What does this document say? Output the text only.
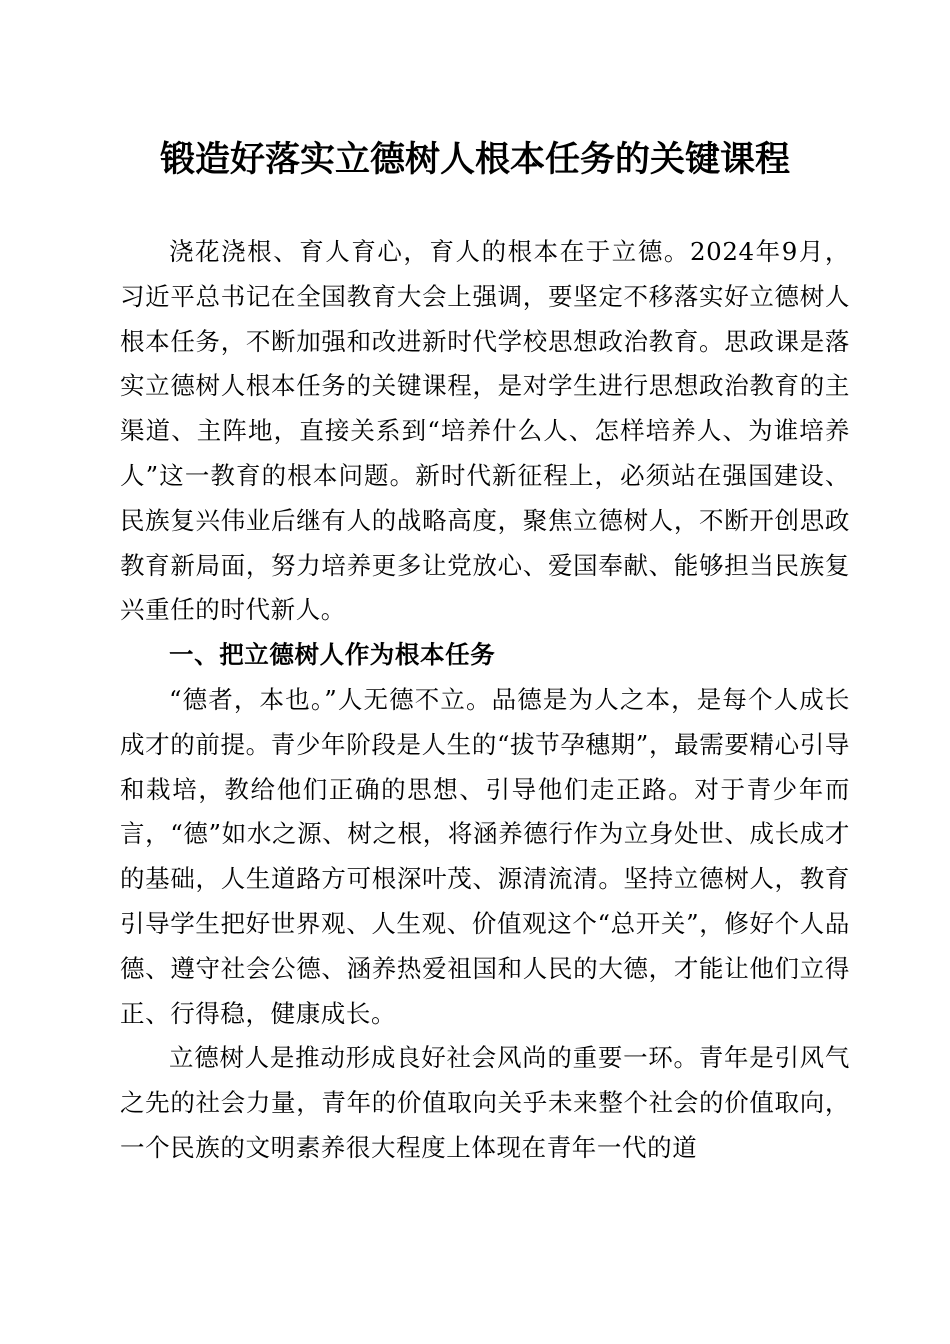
锻造好落实立德树人根本任务的关键课程

浇花浇根、育人育心，育人的根本在于立德。2024年9月，习近平总书记在全国教育大会上强调，要坚定不移落实好立德树人根本任务，不断加强和改进新时代学校思想政治教育。思政课是落实立德树人根本任务的关键课程，是对学生进行思想政治教育的主渠道、主阵地，直接关系到“培养什么人、怎样培养人、为谁培养人”这一教育的根本问题。新时代新征程上，必须站在强国建设、民族复兴伟业后继有人的战略高度，聚焦立德树人，不断开创思政教育新局面，努力培养更多让党放心、爱国奉献、能够担当民族复兴重任的时代新人。

一、把立德树人作为根本任务

“德者，本也。”人无德不立。品德是为人之本，是每个人成长成才的前提。青少年阶段是人生的“拔节孕穗期”，最需要精心引导和栽培，教给他们正确的思想、引导他们走正路。对于青少年而言，“德”如水之源、树之根，将涵养德行作为立身处世、成长成才的基础，人生道路方可根深叶茂、源清流清。坚持立德树人，教育引导学生把好世界观、人生观、价值观这个“总开关”，修好个人品德、遵守社会公德、涵养热爱祖国和人民的大德，才能让他们立得正、行得稳，健康成长。

立德树人是推动形成良好社会风尚的重要一环。青年是引风气之先的社会力量，青年的价值取向关乎未来整个社会的价值取向，一个民族的文明素养很大程度上体现在青年一代的道
